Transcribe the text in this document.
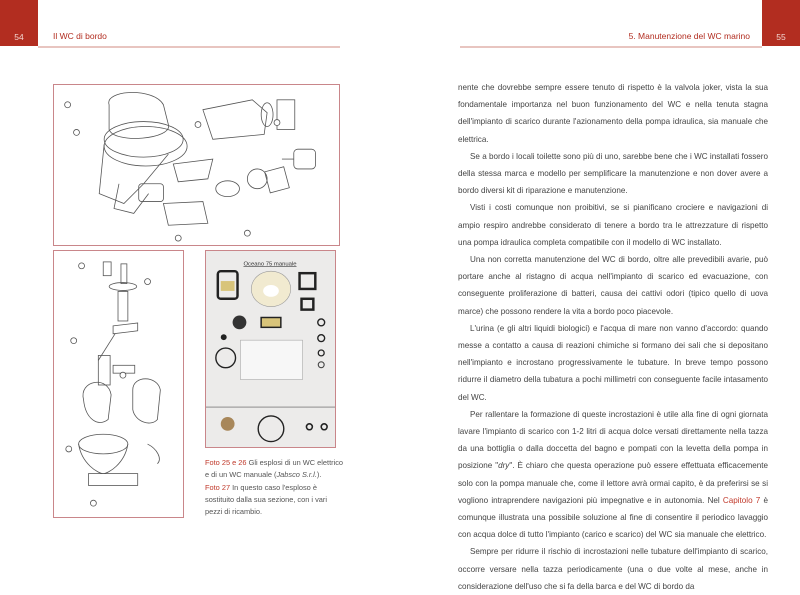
54	Il WC di bordo
Oceano 75 manuale
Foto 25 e 26 Gli esplosi di un WC elettrico e di un WC manuale (Jabsco S.r.l.).
Foto 27 In questo caso l'esploso è sostituito dalla sua sezione, con i vari pezzi di ricambio.
55
5. Manutenzione del WC marino

nente che dovrebbe sempre essere tenuto di rispetto è la valvola joker, vista la sua fondamentale importanza nel buon funzionamento del WC e nella tenuta stagna dell'impianto di scarico durante l'azionamento della pompa idraulica, sia manuale che elettrica.

Se a bordo i locali toilette sono più di uno, sarebbe bene che i WC installati fossero della stessa marca e modello per semplificare la manutenzione e non dover avere a bordo diversi kit di riparazione e manutenzione.

Visti i costi comunque non proibitivi, se si pianificano crociere e navigazioni di ampio respiro andrebbe considerato di tenere a bordo tra le attrezzature di rispetto una pompa idraulica completa compatibile con il modello di WC installato.

Una non corretta manutenzione del WC di bordo, oltre alle prevedibili avarie, può portare anche al ristagno di acqua nell'impianto di scarico ed evacuazione, con conseguente proliferazione di batteri, causa dei cattivi odori (tipico quello di uova marce) che possono rendere la vita a bordo poco piacevole.

L'urina (e gli altri liquidi biologici) e l'acqua di mare non vanno d'accordo: quando messe a contatto a causa di reazioni chimiche si formano dei sali che si depositano nell'impianto e incrostano progressivamente le tubature. In breve tempo possono ridurre il diametro della tubatura a pochi millimetri con conseguente facile intasamento del WC.

Per rallentare la formazione di queste incrostazioni è utile alla fine di ogni giornata lavare l'impianto di scarico con 1-2 litri di acqua dolce versati direttamente nella tazza da una bottiglia o dalla doccetta del bagno e pompati con la levetta della pompa in posizione "dry". È chiaro che questa operazione può essere effettuata efficacemente solo con la pompa manuale che, come il lettore avrà ormai capito, è da preferirsi se si vogliono intraprendere navigazioni più impegnative e in autonomia. Nel Capitolo 7 è comunque illustrata una possibile soluzione al fine di consentire il periodico lavaggio con acqua dolce di tutto l'impianto (carico e scarico) del WC sia manuale che elettrico.

Sempre per ridurre il rischio di incrostazioni nelle tubature dell'impianto di scarico, occorre versare nella tazza periodicamente (una o due volte al mese, anche in considerazione dell'uso che si fa della barca e del WC di bordo da
